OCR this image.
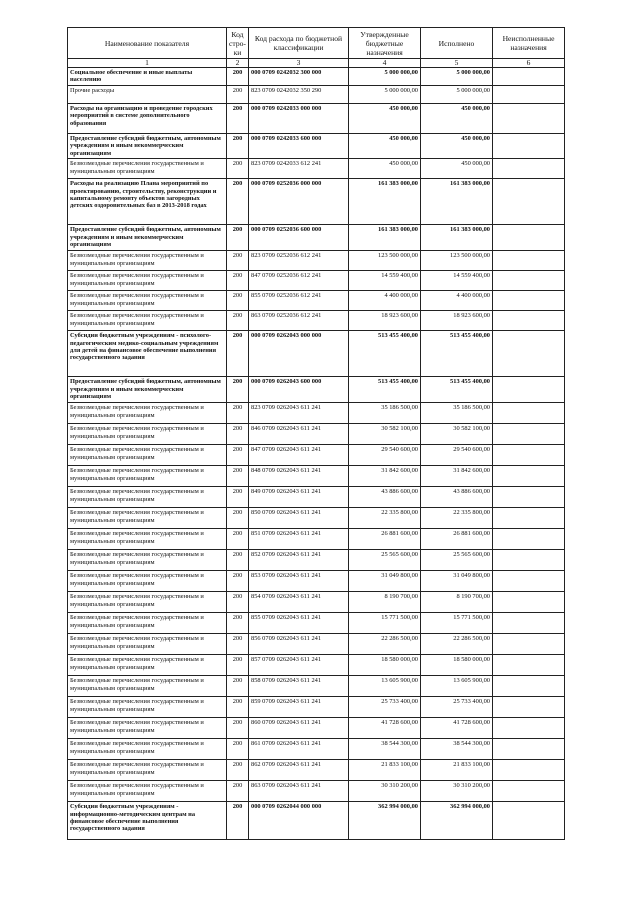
Наименование показателя	Код стро-ки	Код расхода по бюджетной классификации	Утвержденные бюджетные назначения	Исполнено	Неисполненные назначения
1	2	3	4	5	6
Социальное обеспечение и иные выплаты населению	200	000 0709 0242032 300 000	5 000 000,00	5 000 000,00	
Прочие расходы	200	823 0709 0242032 350 290	5 000 000,00	5 000 000,00	
Расходы на организацию и проведение городских мероприятий в системе дополнительного образования	200	000 0709 0242033 000 000	450 000,00	450 000,00	
Предоставление субсидий бюджетным, автономным учреждениям и иным некоммерческим организациям	200	000 0709 0242033 600 000	450 000,00	450 000,00	
Безвозмездные перечисления государственным и муниципальным организациям	200	823 0709 0242033 612 241	450 000,00	450 000,00	
Расходы на реализацию Плана мероприятий по проектированию, строительству, реконструкции и капитальному ремонту объектов загородных детских оздоровительных баз в 2013-2018 годах	200	000 0709 0252036 000 000	161 383 000,00	161 383 000,00	
Предоставление субсидий бюджетным, автономным учреждениям и иным некоммерческим организациям	200	000 0709 0252036 600 000	161 383 000,00	161 383 000,00	
Безвозмездные перечисления государственным и муниципальным организациям	200	823 0709 0252036 612 241	123 500 000,00	123 500 000,00	
Безвозмездные перечисления государственным и муниципальным организациям	200	847 0709 0252036 612 241	14 559 400,00	14 559 400,00	
Безвозмездные перечисления государственным и муниципальным организациям	200	855 0709 0252036 612 241	4 400 000,00	4 400 000,00	
Безвозмездные перечисления государственным и муниципальным организациям	200	863 0709 0252036 612 241	18 923 600,00	18 923 600,00	
Субсидии бюджетным учреждениям - психолого-педагогическим медико-социальным учреждениям для детей на финансовое обеспечение выполнения государственного задания	200	000 0709 0262043 000 000	513 455 400,00	513 455 400,00	
Предоставление субсидий бюджетным, автономным учреждениям и иным некоммерческим организациям	200	000 0709 0262043 600 000	513 455 400,00	513 455 400,00	
Безвозмездные перечисления государственным и муниципальным организациям	200	823 0709 0262043 611 241	35 186 500,00	35 186 500,00	
Безвозмездные перечисления государственным и муниципальным организациям	200	846 0709 0262043 611 241	30 582 100,00	30 582 100,00	
Безвозмездные перечисления государственным и муниципальным организациям	200	847 0709 0262043 611 241	29 540 600,00	29 540 600,00	
Безвозмездные перечисления государственным и муниципальным организациям	200	848 0709 0262043 611 241	31 842 600,00	31 842 600,00	
Безвозмездные перечисления государственным и муниципальным организациям	200	849 0709 0262043 611 241	43 886 600,00	43 886 600,00	
Безвозмездные перечисления государственным и муниципальным организациям	200	850 0709 0262043 611 241	22 335 800,00	22 335 800,00	
Безвозмездные перечисления государственным и муниципальным организациям	200	851 0709 0262043 611 241	26 881 600,00	26 881 600,00	
Безвозмездные перечисления государственным и муниципальным организациям	200	852 0709 0262043 611 241	25 565 600,00	25 565 600,00	
Безвозмездные перечисления государственным и муниципальным организациям	200	853 0709 0262043 611 241	31 049 800,00	31 049 800,00	
Безвозмездные перечисления государственным и муниципальным организациям	200	854 0709 0262043 611 241	8 190 700,00	8 190 700,00	
Безвозмездные перечисления государственным и муниципальным организациям	200	855 0709 0262043 611 241	15 771 500,00	15 771 500,00	
Безвозмездные перечисления государственным и муниципальным организациям	200	856 0709 0262043 611 241	22 286 500,00	22 286 500,00	
Безвозмездные перечисления государственным и муниципальным организациям	200	857 0709 0262043 611 241	18 580 000,00	18 580 000,00	
Безвозмездные перечисления государственным и муниципальным организациям	200	858 0709 0262043 611 241	13 605 900,00	13 605 900,00	
Безвозмездные перечисления государственным и муниципальным организациям	200	859 0709 0262043 611 241	25 733 400,00	25 733 400,00	
Безвозмездные перечисления государственным и муниципальным организациям	200	860 0709 0262043 611 241	41 728 600,00	41 728 600,00	
Безвозмездные перечисления государственным и муниципальным организациям	200	861 0709 0262043 611 241	38 544 300,00	38 544 300,00	
Безвозмездные перечисления государственным и муниципальным организациям	200	862 0709 0262043 611 241	21 833 100,00	21 833 100,00	
Безвозмездные перечисления государственным и муниципальным организациям	200	863 0709 0262043 611 241	30 310 200,00	30 310 200,00	
Субсидии бюджетным учреждениям - информационно-методическим центрам на финансовое обеспечение выполнения государственного задания	200	000 0709 0262044 000 000	362 994 000,00	362 994 000,00	
